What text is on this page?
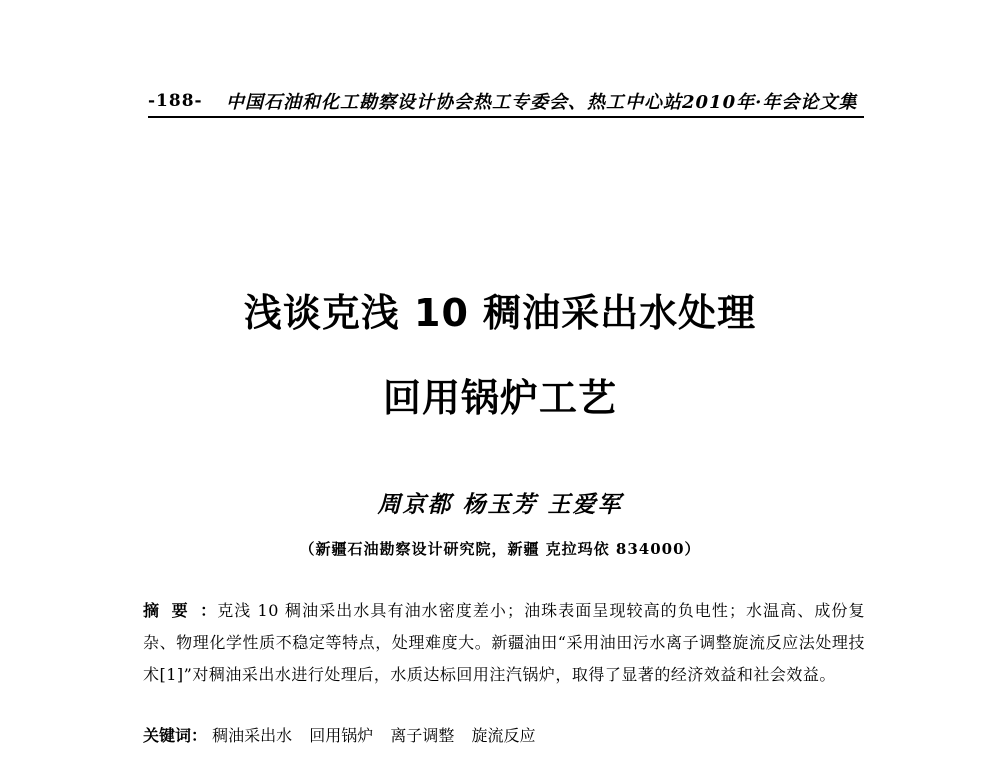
-188-	中国石油和化工勘察设计协会热工专委会、热工中心站2010年·年会论文集
浅谈克浅 10 稠油采出水处理
回用锅炉工艺
周京都 杨玉芳 王爱军
（新疆石油勘察设计研究院，新疆 克拉玛依 834000）
摘要：克浅 10 稠油采出水具有油水密度差小；油珠表面呈现较高的负电性；水温高、成份复杂、物理化学性质不稳定等特点，处理难度大。新疆油田“采用油田污水离子调整旋流反应法处理技术[1]”对稠油采出水进行处理后，水质达标回用注汽锅炉，取得了显著的经济效益和社会效益。
关键词： 稠油采出水 回用锅炉 离子调整 旋流反应
